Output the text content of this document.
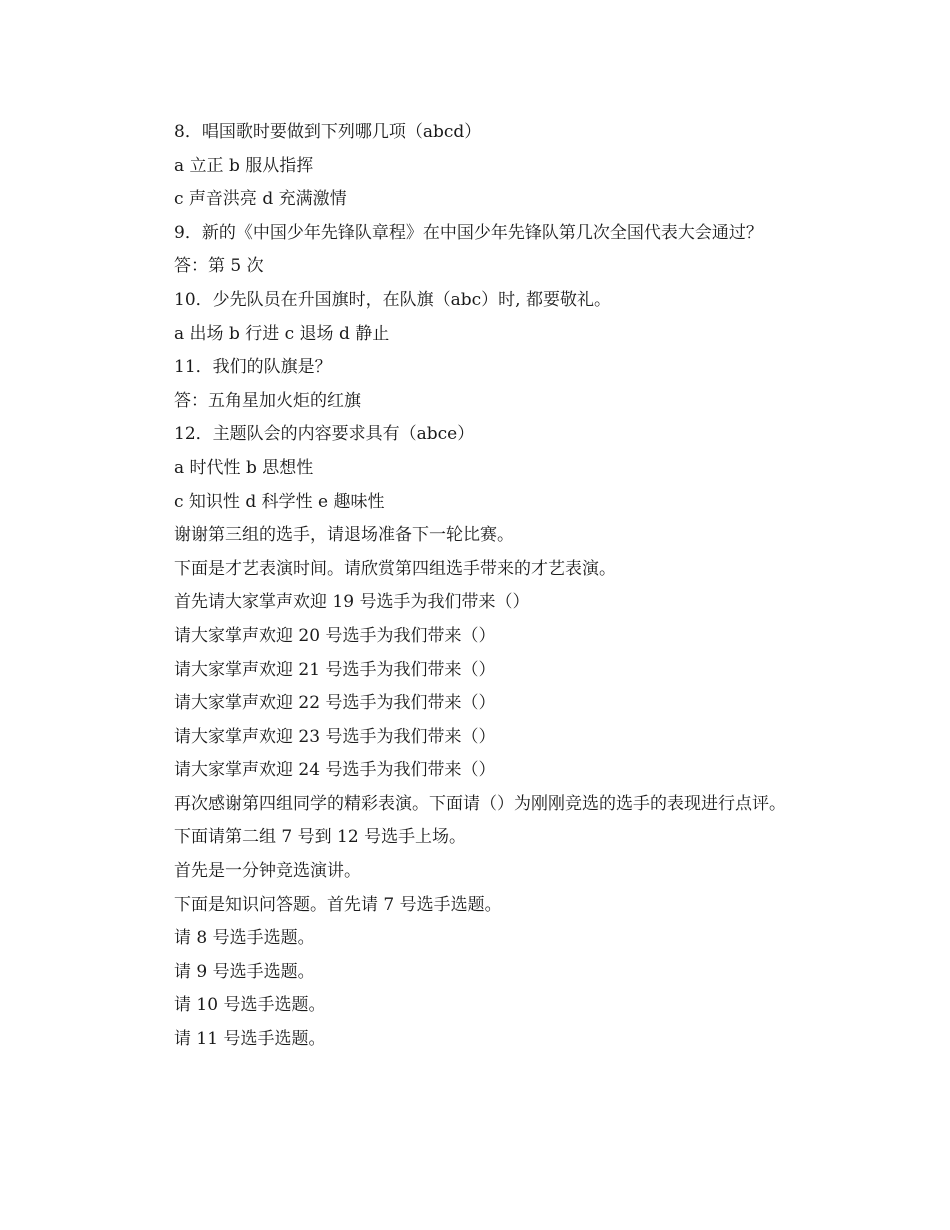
8．唱国歌时要做到下列哪几项（abcd）
a 立正 b 服从指挥
c 声音洪亮 d 充满激情
9．新的《中国少年先锋队章程》在中国少年先锋队第几次全国代表大会通过？
答：第 5 次
10．少先队员在升国旗时，在队旗（abc）时, 都要敬礼。
a 出场 b 行进 c 退场 d 静止
11．我们的队旗是？
答：五角星加火炬的红旗
12．主题队会的内容要求具有（abce）
a 时代性 b 思想性
c 知识性 d 科学性 e 趣味性
谢谢第三组的选手，请退场准备下一轮比赛。
下面是才艺表演时间。请欣赏第四组选手带来的才艺表演。
首先请大家掌声欢迎 19 号选手为我们带来（）
请大家掌声欢迎 20 号选手为我们带来（）
请大家掌声欢迎 21 号选手为我们带来（）
请大家掌声欢迎 22 号选手为我们带来（）
请大家掌声欢迎 23 号选手为我们带来（）
请大家掌声欢迎 24 号选手为我们带来（）

再次感谢第四组同学的精彩表演。下面请（）为刚刚竞选的选手的表现进行点评。

下面请第二组 7 号到 12 号选手上场。
首先是一分钟竞选演讲。
下面是知识问答题。首先请 7 号选手选题。
请 8 号选手选题。
请 9 号选手选题。
请 10 号选手选题。
请 11 号选手选题。
